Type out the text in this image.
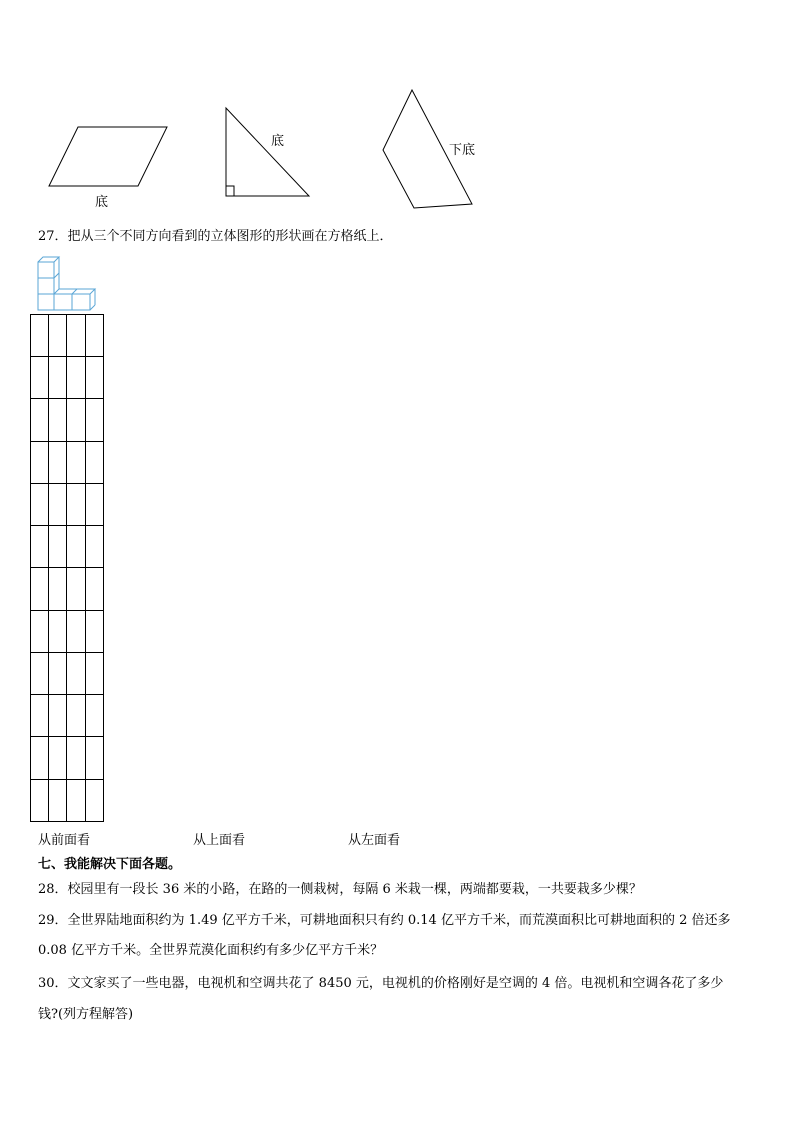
底
底
下底
27．把从三个不同方向看到的立体图形的形状画在方格纸上．
从前面看	从上面看	从左面看
七、我能解决下面各题。
28．校园里有一段长 36 米的小路，在路的一侧栽树，每隔 6 米栽一棵，两端都要栽，一共要栽多少棵？
29．全世界陆地面积约为 1.49 亿平方千米，可耕地面积只有约 0.14 亿平方千米，而荒漠面积比可耕地面积的 2 倍还多
0.08 亿平方千米。全世界荒漠化面积约有多少亿平方千米？
30．文文家买了一些电器，电视机和空调共花了 8450 元，电视机的价格刚好是空调的 4 倍。电视机和空调各花了多少
钱?(列方程解答)
